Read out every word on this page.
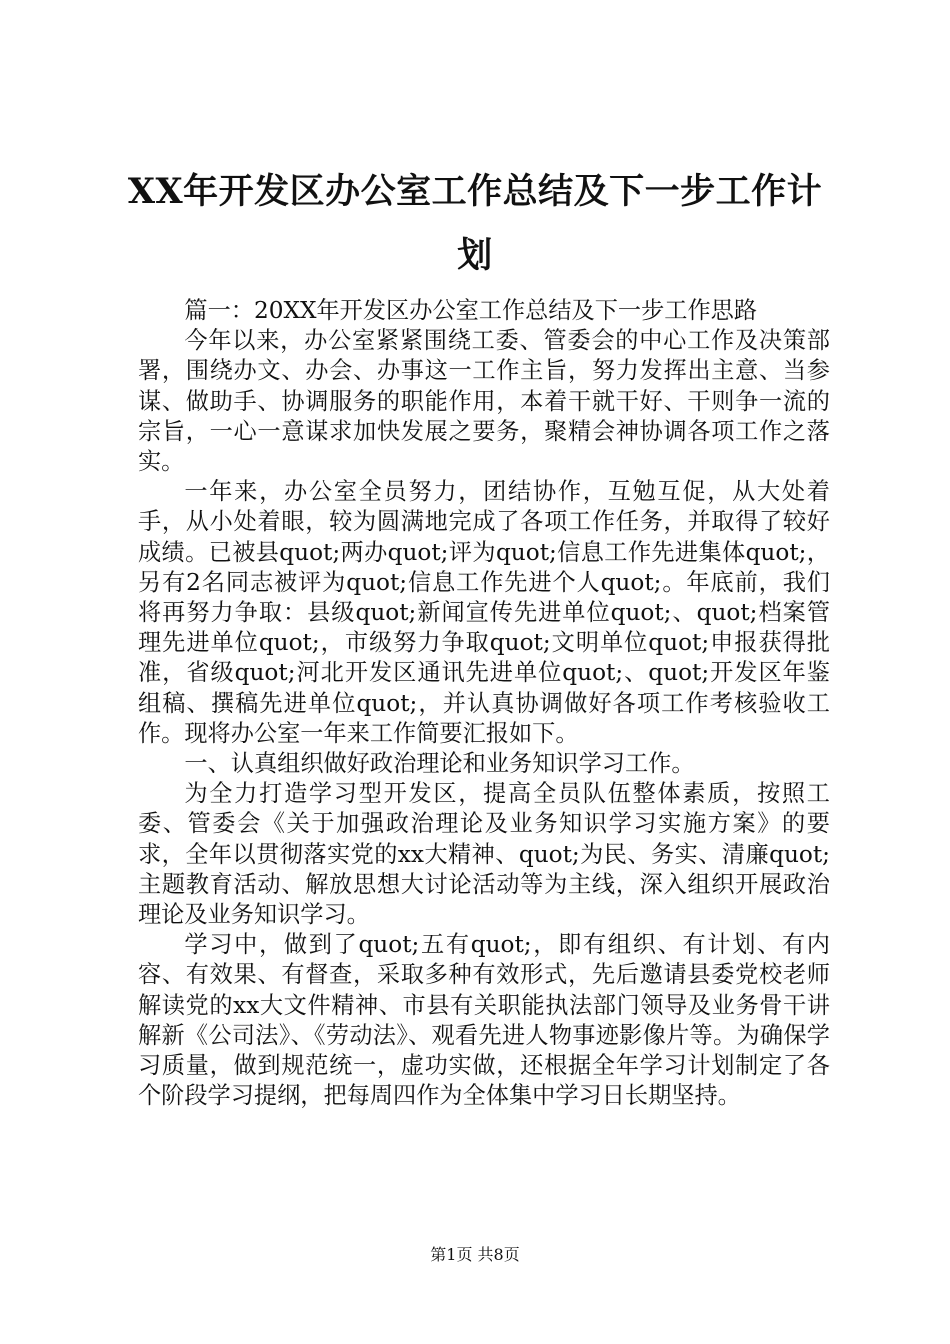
XX年开发区办公室工作总结及下一步工作计划

篇一：20XX年开发区办公室工作总结及下一步工作思路

今年以来，办公室紧紧围绕工委、管委会的中心工作及决策部署，围绕办文、办会、办事这一工作主旨，努力发挥出主意、当参谋、做助手、协调服务的职能作用，本着干就干好、干则争一流的宗旨，一心一意谋求加快发展之要务，聚精会神协调各项工作之落实。

一年来，办公室全员努力，团结协作，互勉互促，从大处着手，从小处着眼，较为圆满地完成了各项工作任务，并取得了较好成绩。已被县quot;两办quot;评为quot;信息工作先进集体quot;，另有2名同志被评为quot;信息工作先进个人quot;。年底前，我们将再努力争取：县级quot;新闻宣传先进单位quot;、quot;档案管理先进单位quot;，市级努力争取quot;文明单位quot;申报获得批准，省级quot;河北开发区通讯先进单位quot;、quot;开发区年鉴组稿、撰稿先进单位quot;，并认真协调做好各项工作考核验收工作。现将办公室一年来工作简要汇报如下。

一、认真组织做好政治理论和业务知识学习工作。

为全力打造学习型开发区，提高全员队伍整体素质，按照工委、管委会《关于加强政治理论及业务知识学习实施方案》的要求，全年以贯彻落实党的xx大精神、quot;为民、务实、清廉quot;主题教育活动、解放思想大讨论活动等为主线，深入组织开展政治理论及业务知识学习。

学习中，做到了quot;五有quot;，即有组织、有计划、有内容、有效果、有督查，采取多种有效形式，先后邀请县委党校老师解读党的xx大文件精神、市县有关职能执法部门领导及业务骨干讲解新《公司法》、《劳动法》、观看先进人物事迹影像片等。为确保学习质量，做到规范统一，虚功实做，还根据全年学习计划制定了各个阶段学习提纲，把每周四作为全体集中学习日长期坚持。

第1页 共8页
